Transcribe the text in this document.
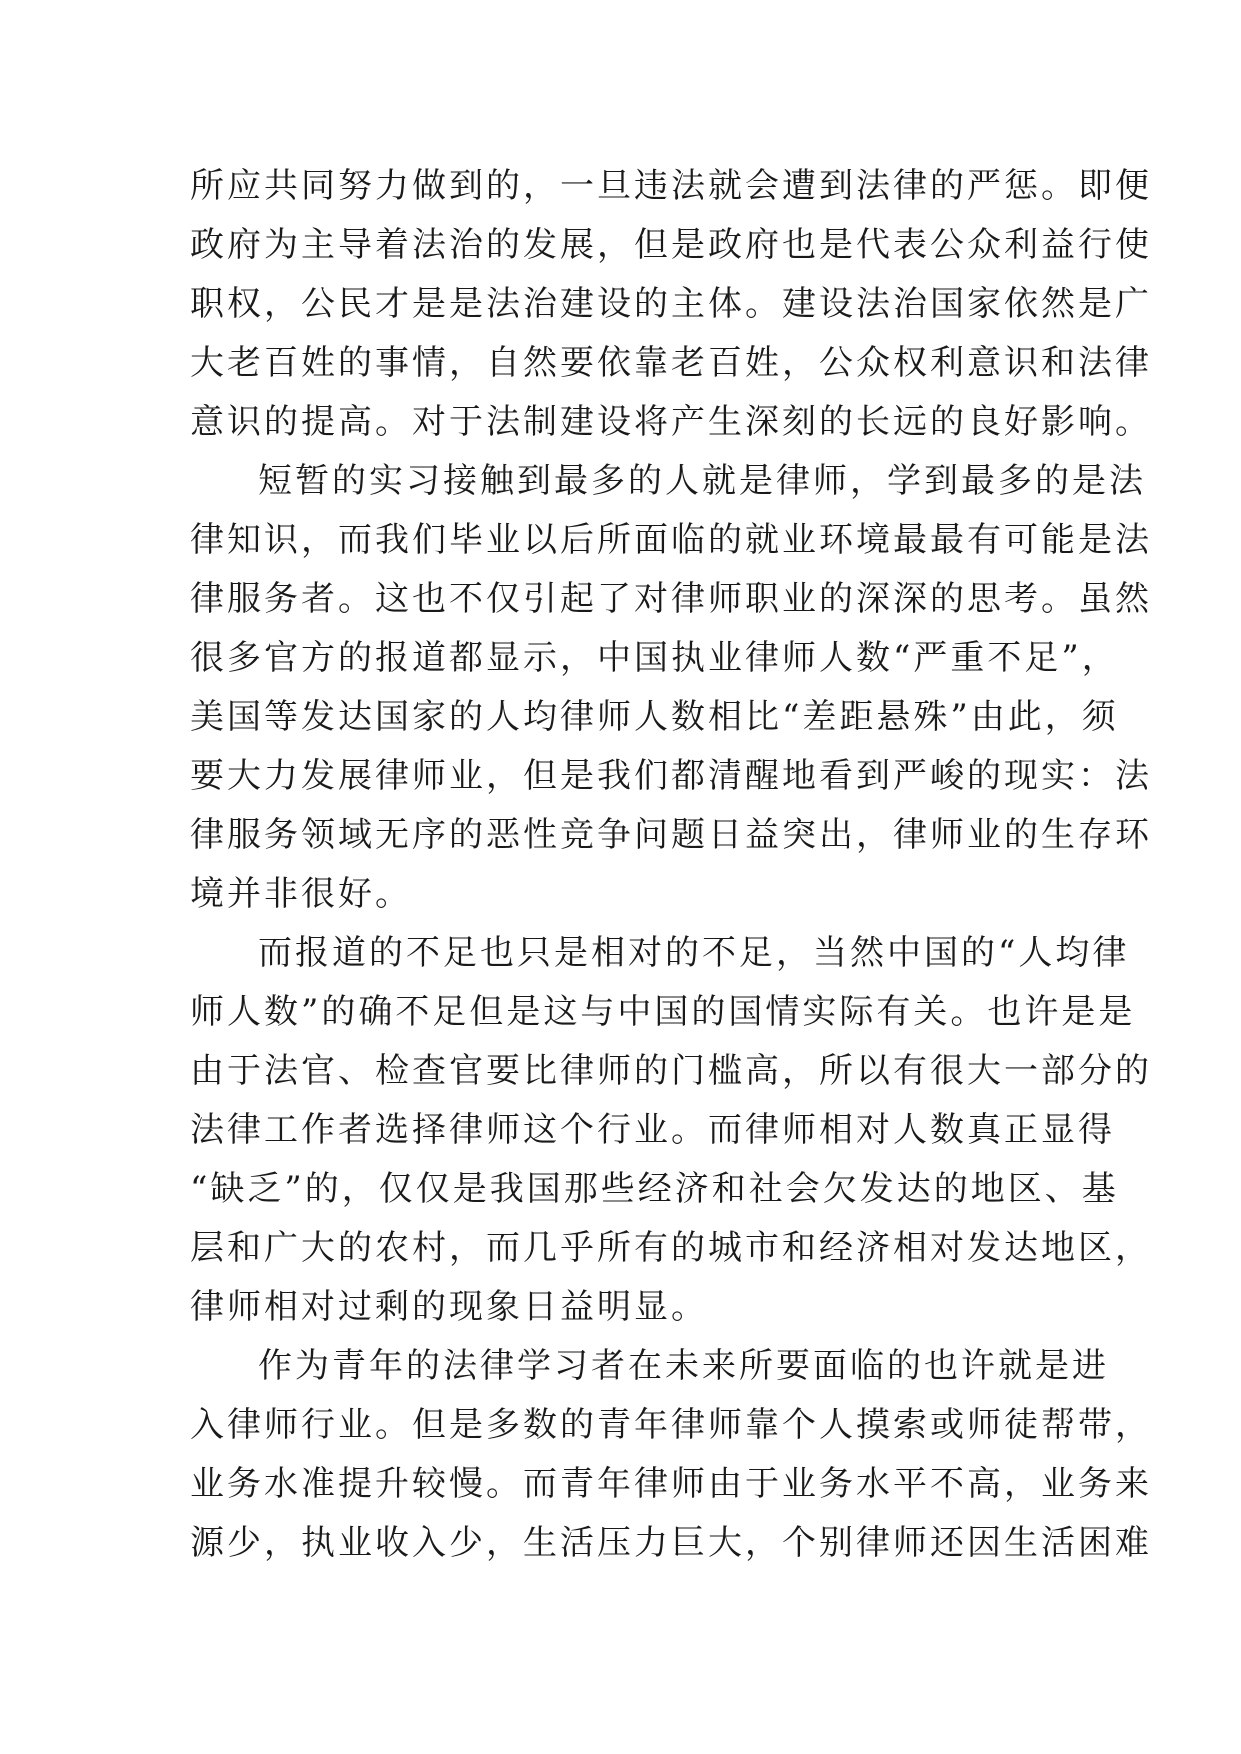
所应共同努力做到的，一旦违法就会遭到法律的严惩。即便
政府为主导着法治的发展，但是政府也是代表公众利益行使
职权，公民才是是法治建设的主体。建设法治国家依然是广
大老百姓的事情，自然要依靠老百姓，公众权利意识和法律
意识的提高。对于法制建设将产生深刻的长远的良好影响。
短暂的实习接触到最多的人就是律师，学到最多的是法
律知识，而我们毕业以后所面临的就业环境最最有可能是法
律服务者。这也不仅引起了对律师职业的深深的思考。虽然
很多官方的报道都显示，中国执业律师人数“严重不足”，
美国等发达国家的人均律师人数相比“差距悬殊”由此，须
要大力发展律师业，但是我们都清醒地看到严峻的现实：法
律服务领域无序的恶性竞争问题日益突出，律师业的生存环
境并非很好。
而报道的不足也只是相对的不足，当然中国的“人均律
师人数”的确不足但是这与中国的国情实际有关。也许是是
由于法官、检查官要比律师的门槛高，所以有很大一部分的
法律工作者选择律师这个行业。而律师相对人数真正显得
“缺乏”的，仅仅是我国那些经济和社会欠发达的地区、基
层和广大的农村，而几乎所有的城市和经济相对发达地区，
律师相对过剩的现象日益明显。
作为青年的法律学习者在未来所要面临的也许就是进
入律师行业。但是多数的青年律师靠个人摸索或师徒帮带，
业务水准提升较慢。而青年律师由于业务水平不高，业务来
源少，执业收入少，生活压力巨大，个别律师还因生活困难
